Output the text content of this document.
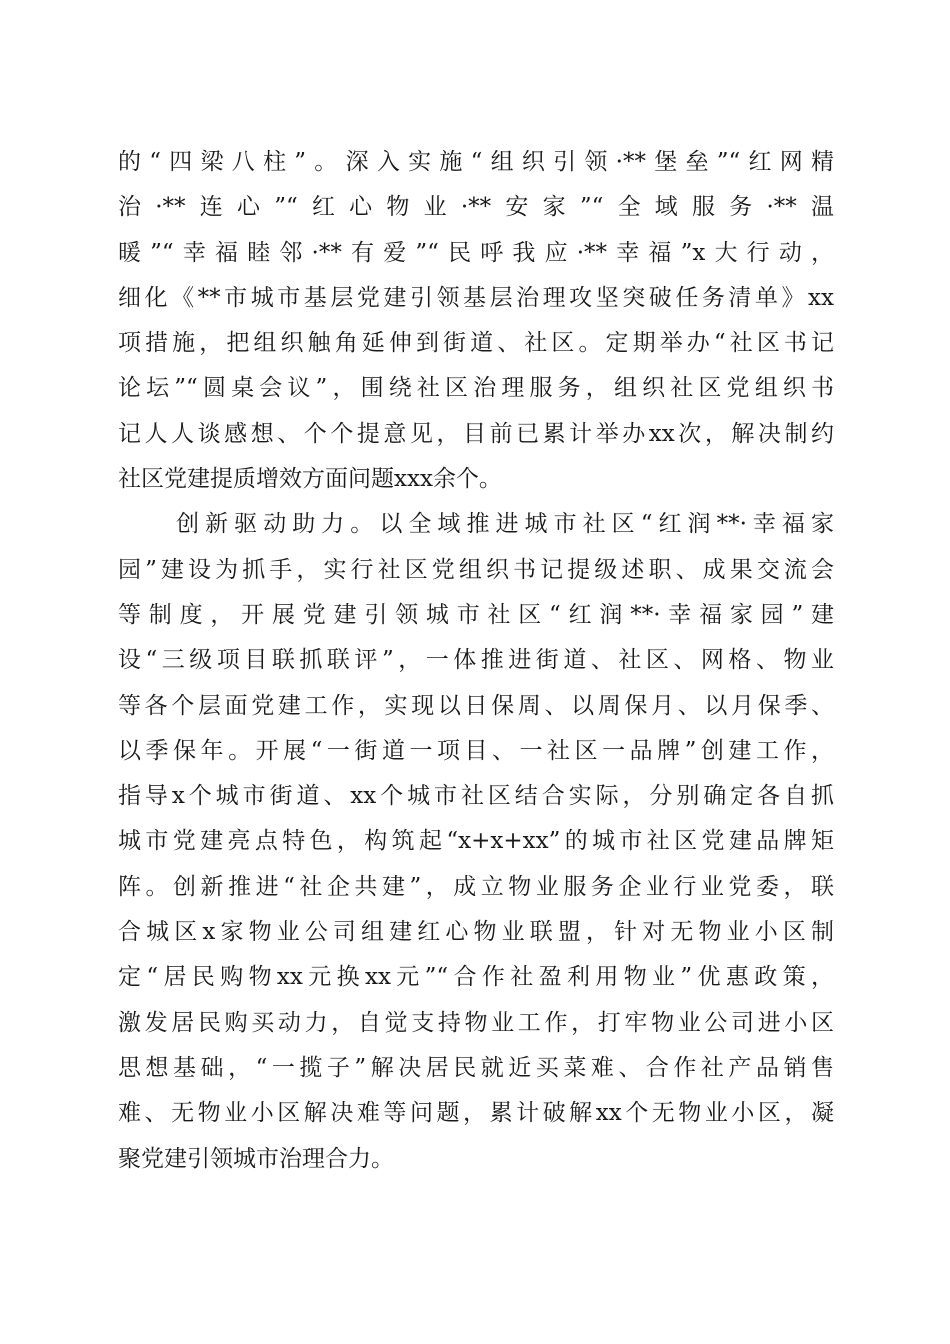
的“四梁八柱”。深入实施“组织引领·**堡垒”“红网精
治·**连心”“红心物业·**安家”“全域服务·**温
暖”“幸福睦邻·**有爱”“民呼我应·**幸福”x大行动，
细化《**市城市基层党建引领基层治理攻坚突破任务清单》xx
项措施，把组织触角延伸到街道、社区。定期举办“社区书记
论坛”“圆桌会议”，围绕社区治理服务，组织社区党组织书
记人人谈感想、个个提意见，目前已累计举办xx次，解决制约
社区党建提质增效方面问题xxx余个。
　　创新驱动助力。以全域推进城市社区“红润**·幸福家
园”建设为抓手，实行社区党组织书记提级述职、成果交流会
等制度，开展党建引领城市社区“红润**·幸福家园”建
设“三级项目联抓联评”，一体推进街道、社区、网格、物业
等各个层面党建工作，实现以日保周、以周保月、以月保季、
以季保年。开展“一街道一项目、一社区一品牌”创建工作，
指导x个城市街道、xx个城市社区结合实际，分别确定各自抓
城市党建亮点特色，构筑起“x+x+xx”的城市社区党建品牌矩
阵。创新推进“社企共建”，成立物业服务企业行业党委，联
合城区x家物业公司组建红心物业联盟，针对无物业小区制
定“居民购物xx元换xx元”“合作社盈利用物业”优惠政策，
激发居民购买动力，自觉支持物业工作，打牢物业公司进小区
思想基础，“一揽子”解决居民就近买菜难、合作社产品销售
难、无物业小区解决难等问题，累计破解xx个无物业小区，凝
聚党建引领城市治理合力。
